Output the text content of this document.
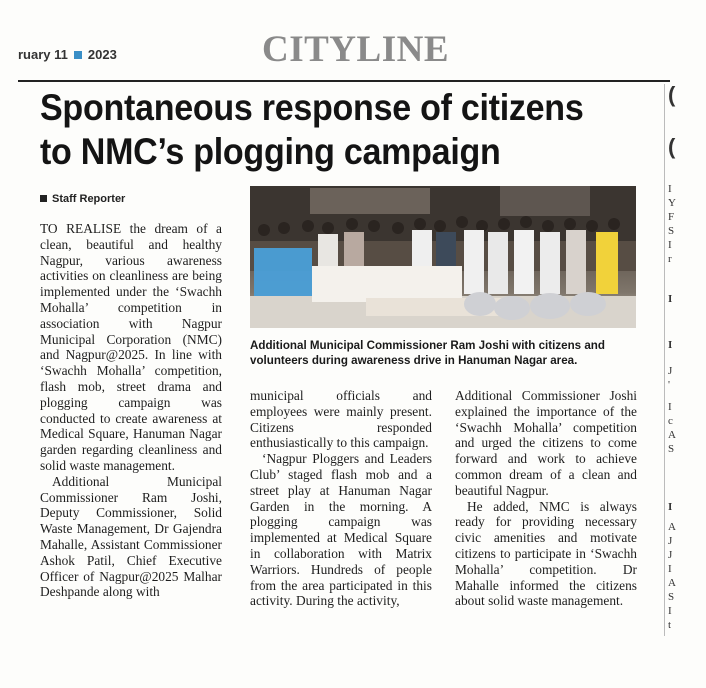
ruary 11 2023	CITYLINE
Spontaneous response of citizens
to NMC’s plogging campaign
Staff Reporter

TO REALISE the dream of a clean, beautiful and healthy Nagpur, various awareness activities on cleanliness are being implemented under the ‘Swachh Mohalla’ competition in association with Nagpur Municipal Corporation (NMC) and Nagpur@2025. In line with ‘Swachh Mohalla’ competition, flash mob, street drama and plogging campaign was conducted to create awareness at Medical Square, Hanuman Nagar garden regarding cleanliness and solid waste management.

Additional Municipal Commissioner Ram Joshi, Deputy Commissioner, Solid Waste Management, Dr Gajendra Mahalle, Assistant Commissioner Ashok Patil, Chief Executive Officer of Nagpur@2025 Malhar Deshpande along with

Additional Municipal Commissioner Ram Joshi with citizens and volunteers during awareness drive in Hanuman Nagar area.

municipal officials and employees were mainly present. Citizens responded enthusiastically to this campaign.

‘Nagpur Ploggers and Leaders Club’ staged flash mob and a street play at Hanuman Nagar Garden in the morning. A plogging campaign was implemented at Medical Square in collaboration with Matrix Warriors. Hundreds of people from the area participated in this activity. During the activity,

Additional Commissioner Joshi explained the importance of the ‘Swachh Mohalla’ competition and urged the citizens to come forward and work to achieve common dream of a clean and beautiful Nagpur.

He added, NMC is always ready for providing necessary civic amenities and motivate citizens to participate in ‘Swachh Mohalla’ competition. Dr Mahalle informed the citizens about solid waste management.

(
(
I
Y
F
S
I
r
I
I
J
'
I
c
A
S
I
A
J
J
I
A
S
I
t
